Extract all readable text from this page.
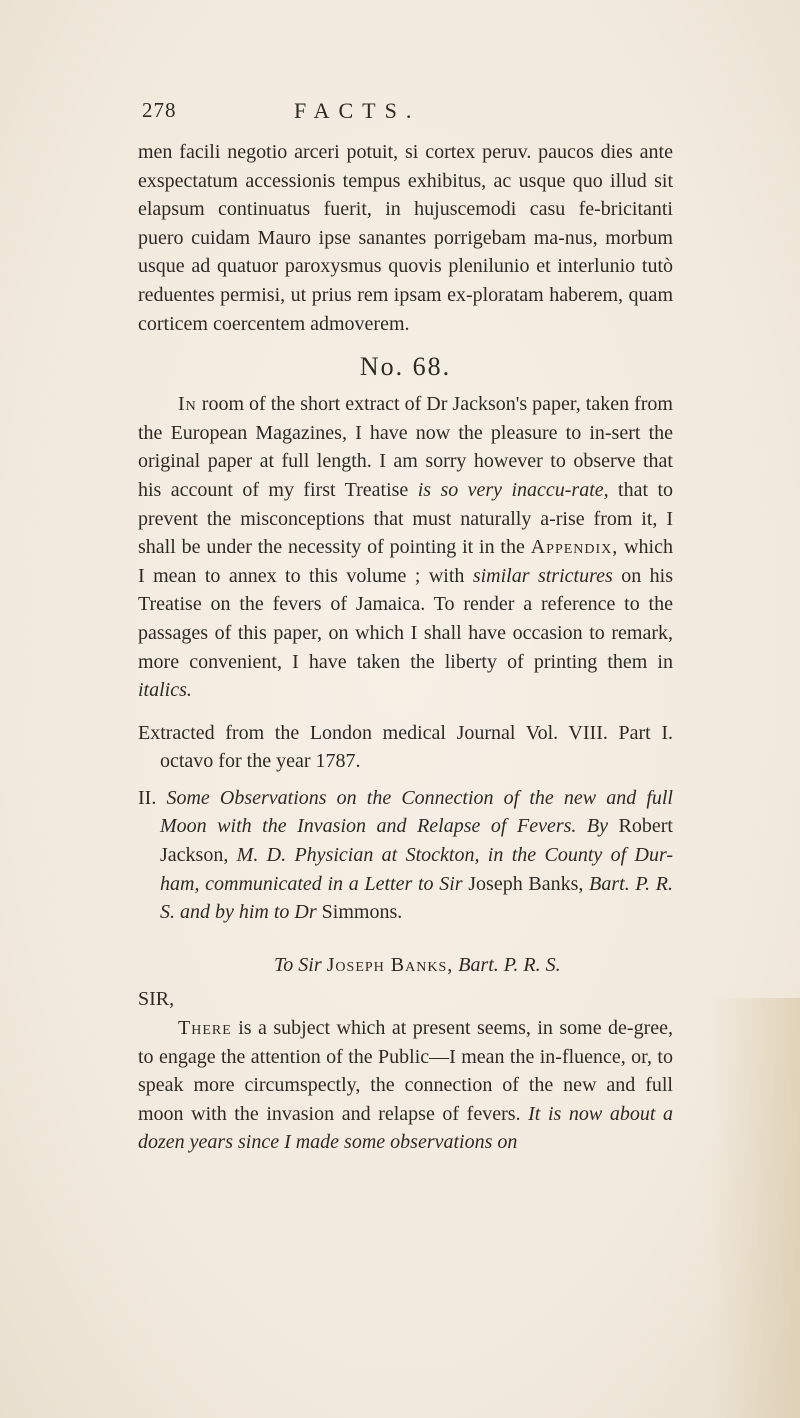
278	FACTS.

men facili negotio arceri potuit, si cortex peruv. paucos dies ante exspectatum accessionis tempus exhibitus, ac usque quo illud sit elapsum continuatus fuerit, in hujuscemodi casu fe-bricitanti puero cuidam Mauro ipse sanantes porrigebam ma-nus, morbum usque ad quatuor paroxysmus quovis plenilunio et interlunio tutò reduentes permisi, ut prius rem ipsam ex-ploratam haberem, quam corticem coercentem admoverem.

No. 68.

In room of the short extract of Dr Jackson's paper, taken from the European Magazines, I have now the pleasure to in-sert the original paper at full length. I am sorry however to observe that his account of my first Treatise is so very inaccu-rate, that to prevent the misconceptions that must naturally a-rise from it, I shall be under the necessity of pointing it in the Appendix, which I mean to annex to this volume ; with similar strictures on his Treatise on the fevers of Jamaica. To render a reference to the passages of this paper, on which I shall have occasion to remark, more convenient, I have taken the liberty of printing them in italics.

Extracted from the London medical Journal Vol. VIII. Part I. octavo for the year 1787.

II. Some Observations on the Connection of the new and full Moon with the Invasion and Relapse of Fevers. By Robert Jackson, M. D. Physician at Stockton, in the County of Dur-ham, communicated in a Letter to Sir Joseph Banks, Bart. P. R. S. and by him to Dr Simmons.

To Sir Joseph Banks, Bart. P. R. S.

SIR,

There is a subject which at present seems, in some de-gree, to engage the attention of the Public—I mean the in-fluence, or, to speak more circumspectly, the connection of the new and full moon with the invasion and relapse of fevers. It is now about a dozen years since I made some observations on
